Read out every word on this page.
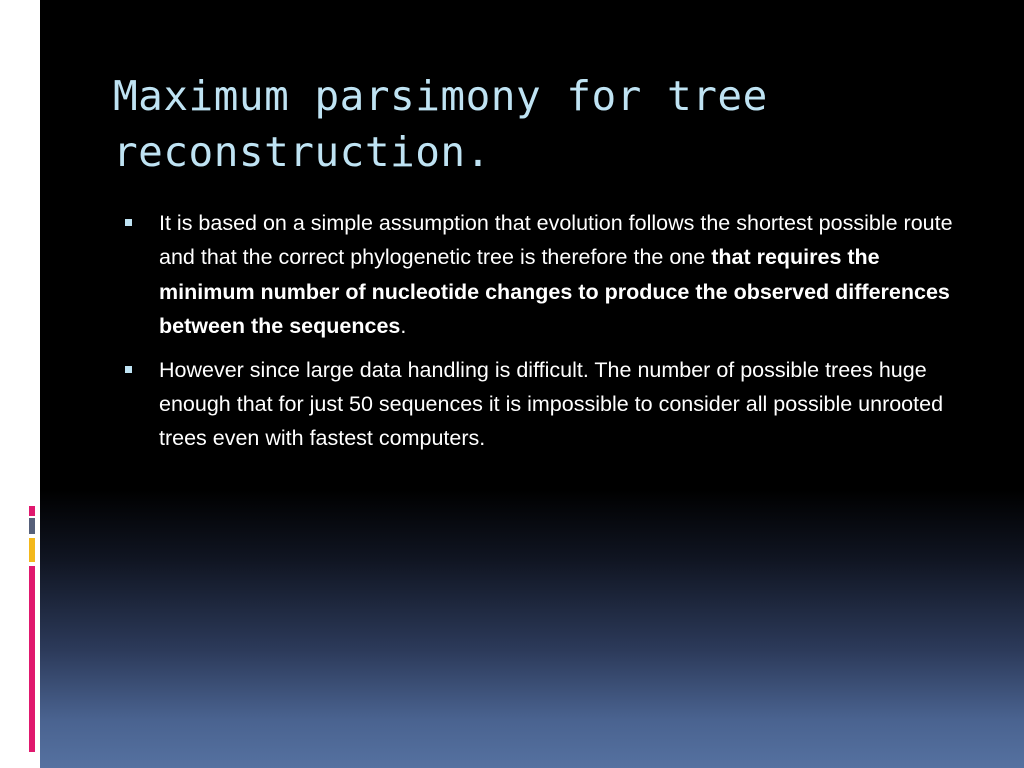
Maximum parsimony for tree reconstruction.
It is based on a simple assumption that evolution follows the shortest possible route and that the correct phylogenetic tree is therefore the one that requires the minimum number of nucleotide changes to produce the observed differences between the sequences.
However since large data handling is difficult. The number of possible trees huge enough that for just 50 sequences it is impossible to consider all possible unrooted trees even with fastest computers.
